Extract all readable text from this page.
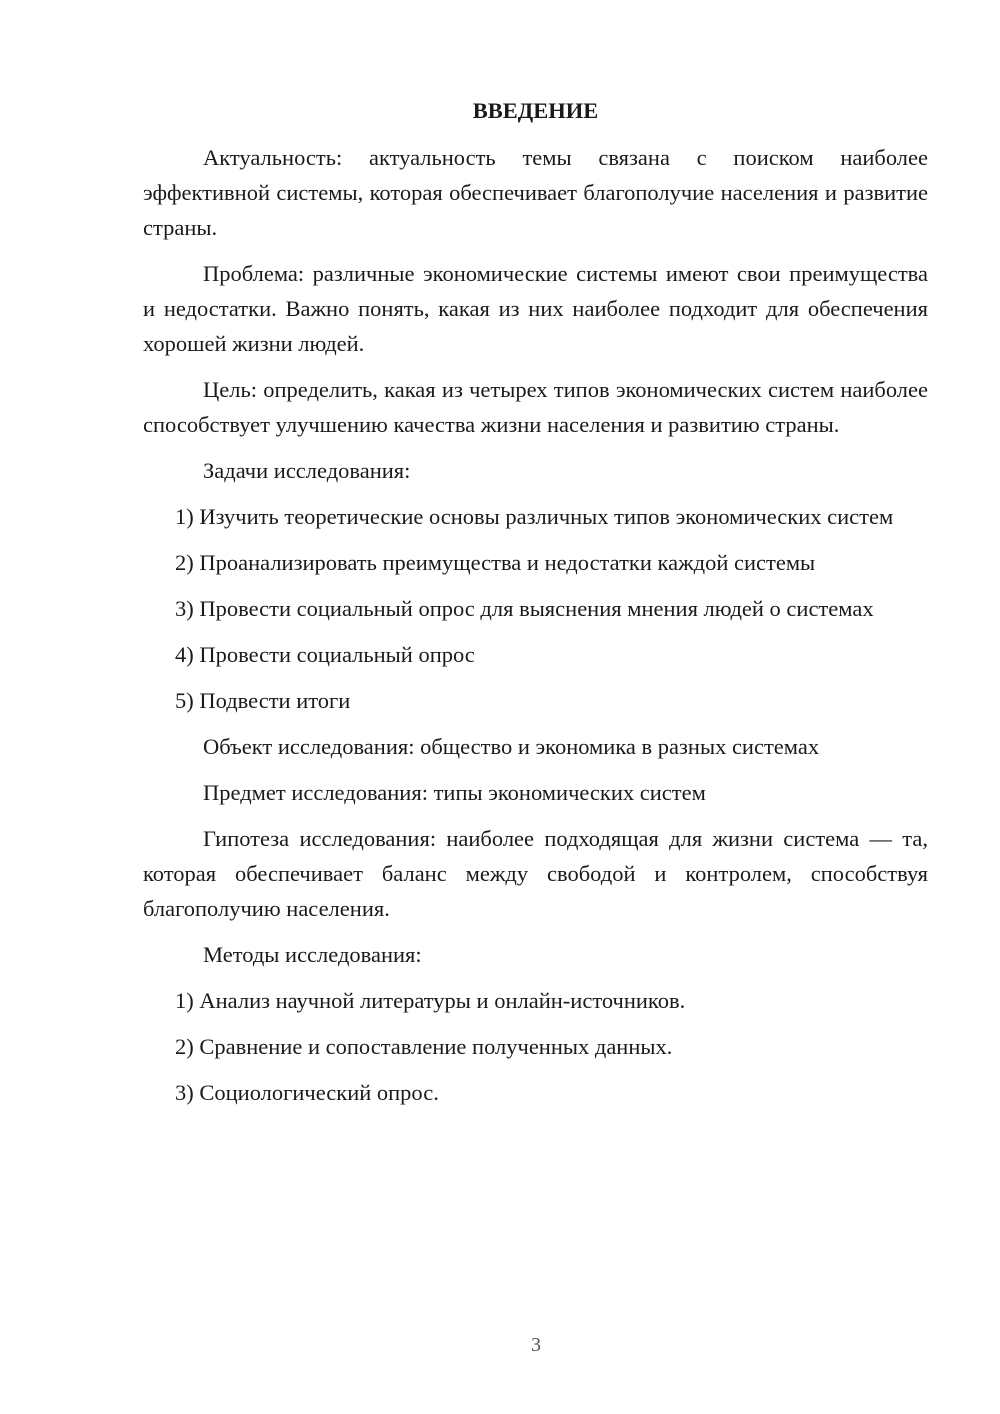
ВВЕДЕНИЕ
Актуальность: актуальность темы связана с поиском наиболее эффективной системы, которая обеспечивает благополучие населения и развитие страны.
Проблема: различные экономические системы имеют свои преимущества и недостатки. Важно понять, какая из них наиболее подходит для обеспечения хорошей жизни людей.
Цель: определить, какая из четырех типов экономических систем наиболее способствует улучшению качества жизни населения и развитию страны.
Задачи исследования:
1) Изучить теоретические основы различных типов экономических систем
2) Проанализировать преимущества и недостатки каждой системы
3) Провести социальный опрос для выяснения мнения людей о системах
4) Провести социальный опрос
5) Подвести итоги
Объект исследования: общество и экономика в разных системах
Предмет исследования: типы экономических систем
Гипотеза исследования: наиболее подходящая для жизни система — та, которая обеспечивает баланс между свободой и контролем, способствуя благополучию населения.
Методы исследования:
1) Анализ научной литературы и онлайн-источников.
2) Сравнение и сопоставление полученных данных.
3) Социологический опрос.
3
